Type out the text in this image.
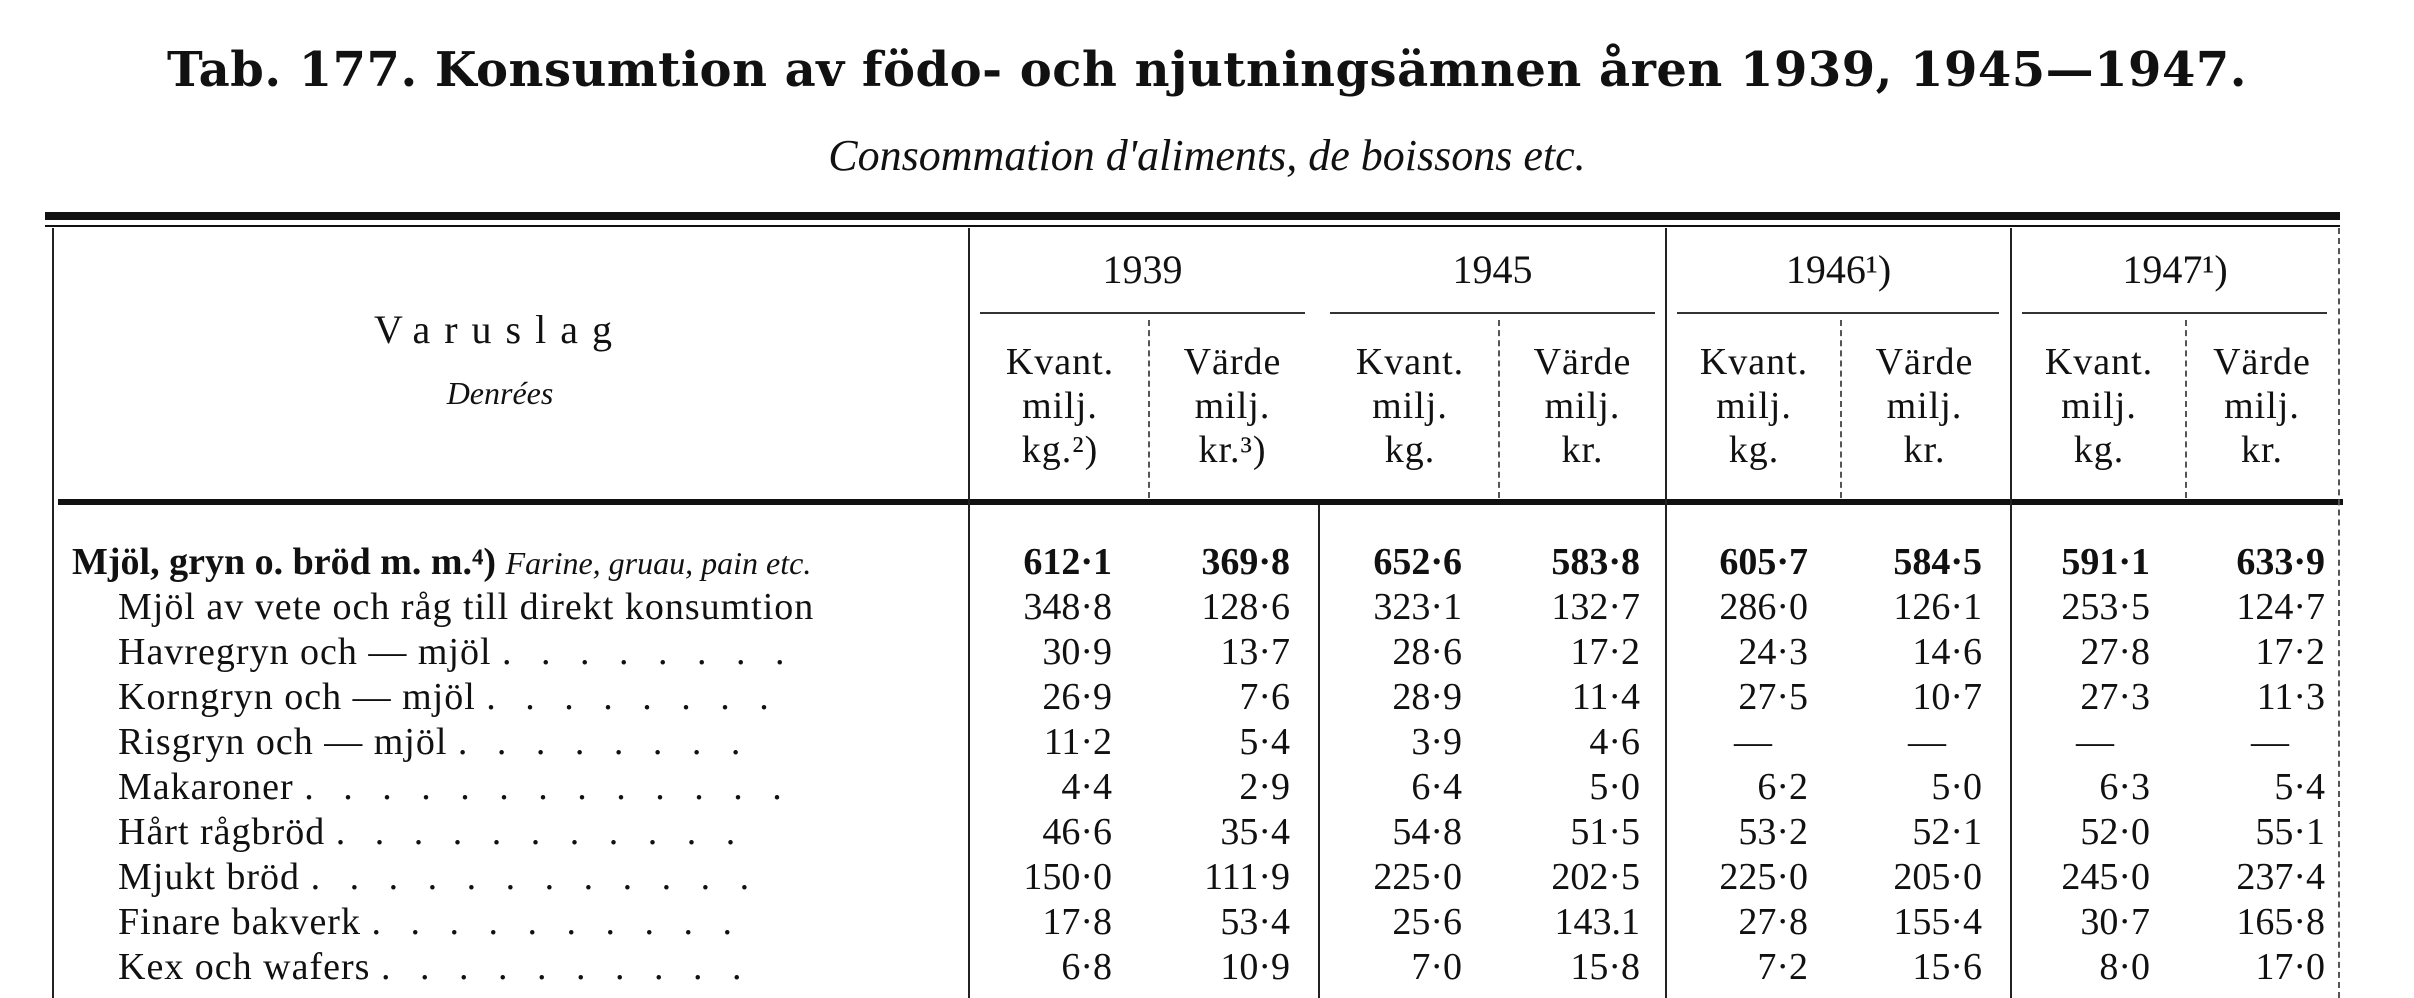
Tab. 177. Konsumtion av födo- och njutningsämnen åren 1939, 1945—1947.
Consommation d'aliments, de boissons etc.
Varuslag
Denrées
1939	1945	1946¹)	1947¹)
Kvant.
milj.
kg.²)
Värde
milj.
kr.³)
Kvant.
milj.
kg.
Värde
milj.
kr.
Kvant.
milj.
kg.
Värde
milj.
kr.
Kvant.
milj.
kg.
Värde
milj.
kr.
Mjöl, gryn o. bröd m. m.⁴) Farine, gruau, pain etc.	612·1	369·8	652·6	583·8	605·7	584·5	591·1	633·9
Mjöl av vete och råg till direkt konsumtion	348·8	128·6	323·1	132·7	286·0	126·1	253·5	124·7
Havregryn och — mjöl . . . . . . . .	30·9	13·7	28·6	17·2	24·3	14·6	27·8	17·2
Korngryn och — mjöl . . . . . . . .	26·9	7·6	28·9	11·4	27·5	10·7	27·3	11·3
Risgryn och — mjöl . . . . . . . .	11·2	5·4	3·9	4·6	—	—	—	—
Makaroner . . . . . . . . . . . . .	4·4	2·9	6·4	5·0	6·2	5·0	6·3	5·4
Hårt rågbröd . . . . . . . . . . .	46·6	35·4	54·8	51·5	53·2	52·1	52·0	55·1
Mjukt bröd . . . . . . . . . . . .	150·0	111·9	225·0	202·5	225·0	205·0	245·0	237·4
Finare bakverk . . . . . . . . . .	17·8	53·4	25·6	143.1	27·8	155·4	30·7	165·8
Kex och wafers . . . . . . . . . .	6·8	10·9	7·0	15·8	7·2	15·6	8·0	17·0
